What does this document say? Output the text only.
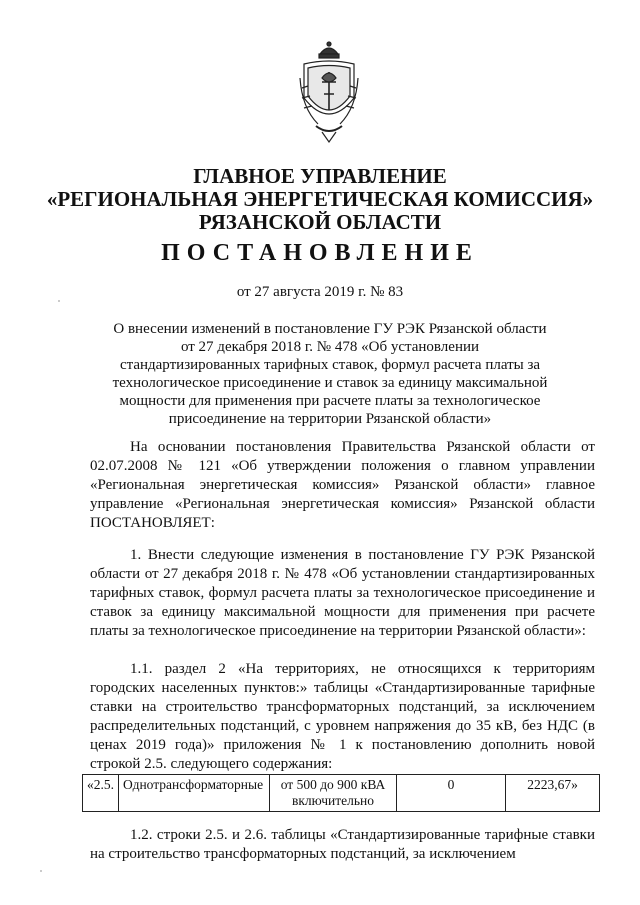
ГЛАВНОЕ УПРАВЛЕНИЕ
«РЕГИОНАЛЬНАЯ ЭНЕРГЕТИЧЕСКАЯ КОМИССИЯ»
РЯЗАНСКОЙ ОБЛАСТИ
ПОСТАНОВЛЕНИЕ
от 27 августа 2019 г. № 83
О внесении изменений в постановление ГУ РЭК Рязанской области от 27 декабря 2018 г. № 478 «Об установлении стандартизированных тарифных ставок, формул расчета платы за технологическое присоединение и ставок за единицу максимальной мощности для применения при расчете платы за технологическое присоединение на территории Рязанской области»
На основании постановления Правительства Рязанской области от 02.07.2008 № 121 «Об утверждении положения о главном управлении «Региональная энергетическая комиссия» Рязанской области» главное управление «Региональная энергетическая комиссия» Рязанской области ПОСТАНОВЛЯЕТ:
1. Внести следующие изменения в постановление ГУ РЭК Рязанской области от 27 декабря 2018 г. № 478 «Об установлении стандартизированных тарифных ставок, формул расчета платы за технологическое присоединение и ставок за единицу максимальной мощности для применения при расчете платы за технологическое присоединение на территории Рязанской области»:
1.1. раздел 2 «На территориях, не относящихся к территориям городских населенных пунктов:» таблицы «Стандартизированные тарифные ставки на строительство трансформаторных подстанций, за исключением распределительных подстанций, с уровнем напряжения до 35 кВ, без НДС (в ценах 2019 года)» приложения № 1 к постановлению дополнить новой строкой 2.5. следующего содержания:
«2.5.	Однотрансформаторные	от 500 до 900 кВА включительно	0	2223,67»
1.2. строки 2.5. и 2.6. таблицы «Стандартизированные тарифные ставки на строительство трансформаторных подстанций, за исключением
